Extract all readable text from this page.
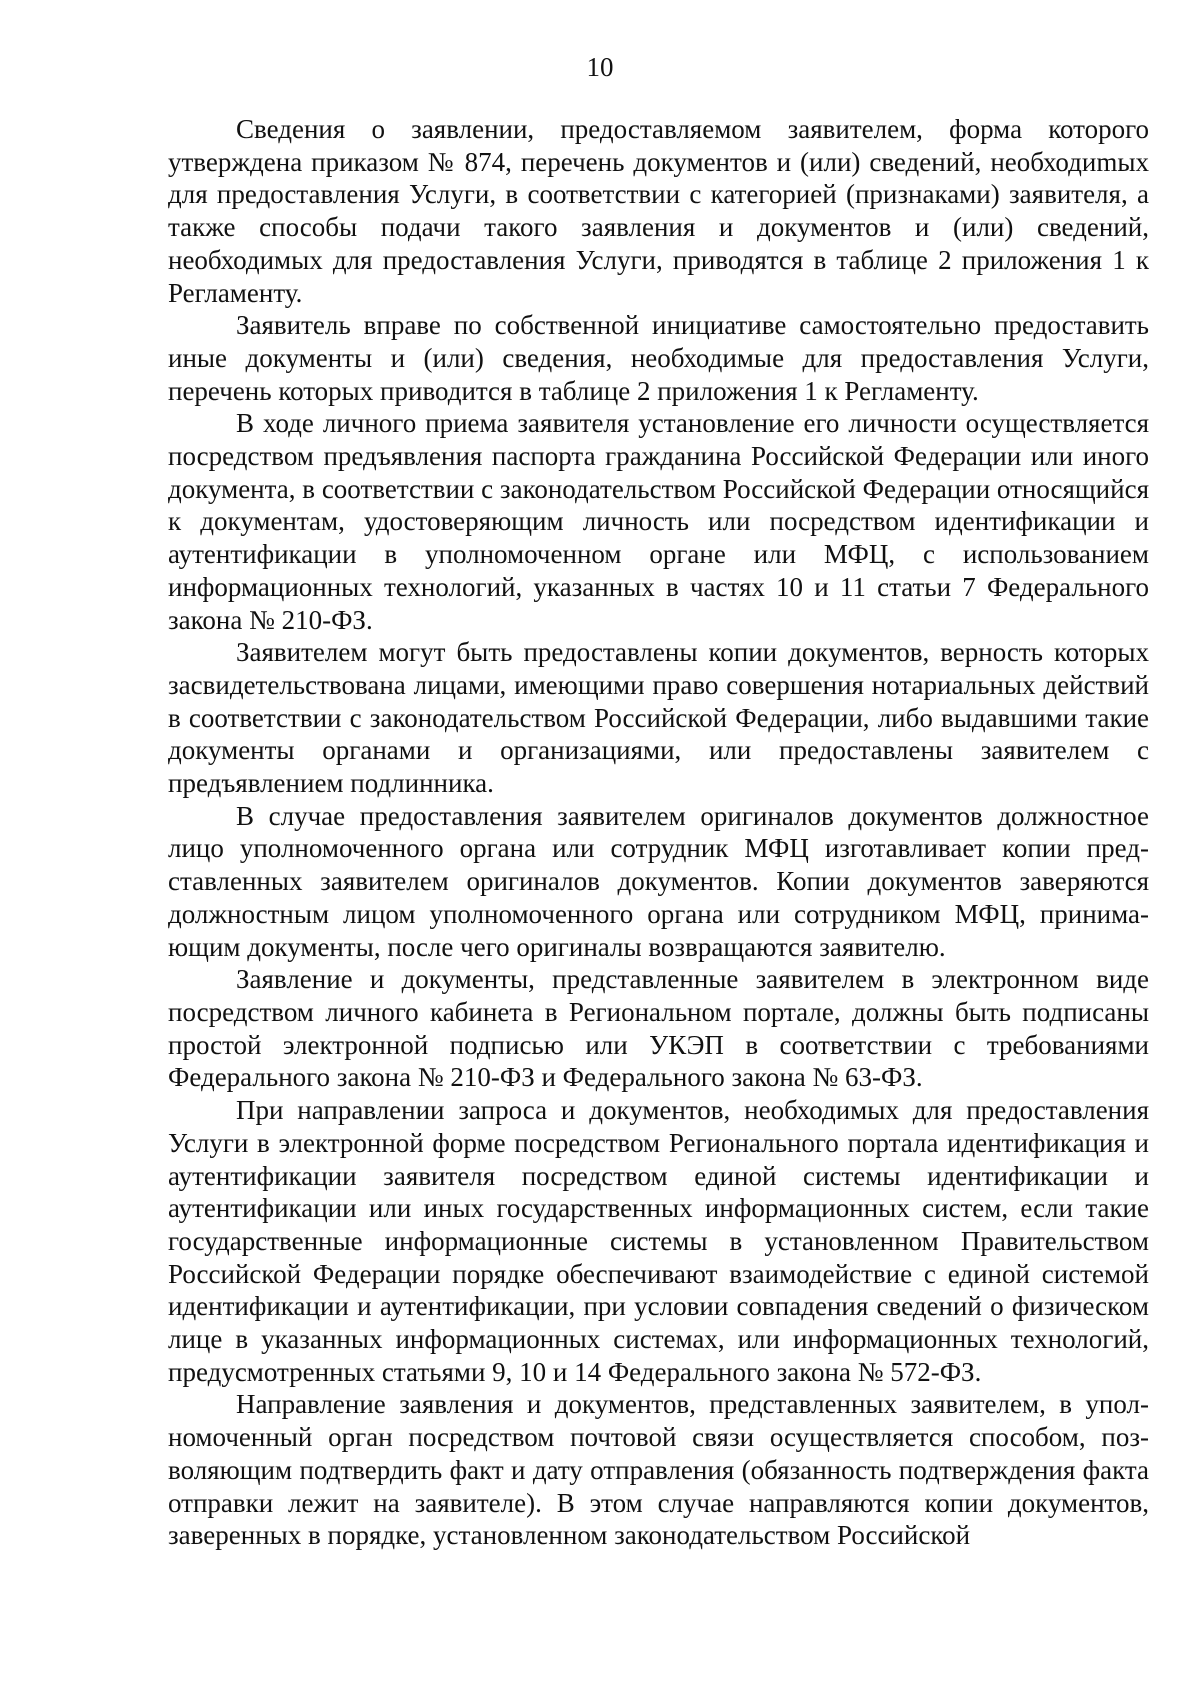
10

Сведения о заявлении, предоставляемом заявителем, форма которого утверждена приказом № 874, перечень документов и (или) сведений, необходиmых для предоставления Услуги, в соответствии с категорией (признаками) заявителя, а также способы подачи такого заявления и документов и (или) сведений, необходимых для предоставления Услуги, приводятся в таблице 2 приложения 1 к Регламенту.

Заявитель вправе по собственной инициативе самостоятельно предоставить иные документы и (или) сведения, необходимые для предоставления Услуги, перечень которых приводится в таблице 2 приложения 1 к Регламенту.

В ходе личного приема заявителя установление его личности осуществляется посредством предъявления паспорта гражданина Российской Федерации или иного документа, в соответствии с законодательством Российской Федерации относящийся к документам, удостоверяющим личность или посредством идентификации и аутентификации в уполномоченном органе или МФЦ, с использованием информационных технологий, указанных в частях 10 и 11 статьи 7 Федерального закона № 210-ФЗ.

Заявителем могут быть предоставлены копии документов, верность которых засвидетельствована лицами, имеющими право совершения нотариальных действий в соответствии с законодательством Российской Федерации, либо выдавшими такие документы органами и организациями, или предоставлены заявителем с предъявлением подлинника.

В случае предоставления заявителем оригиналов документов должностное лицо уполномоченного органа или сотрудник МФЦ изготавливает копии представленных заявителем оригиналов документов. Копии документов заверяются должностным лицом уполномоченного органа или сотрудником МФЦ, принимающим документы, после чего оригиналы возвращаются заявителю.

Заявление и документы, представленные заявителем в электронном виде посредством личного кабинета в Региональном портале, должны быть подписаны простой электронной подписью или УКЭП в соответствии с требованиями Федерального закона № 210-ФЗ и Федерального закона № 63-ФЗ.

При направлении запроса и документов, необходимых для предоставления Услуги в электронной форме посредством Регионального портала идентификация и аутентификации заявителя посредством единой системы идентификации и аутентификации или иных государственных информационных систем, если такие государственные информационные системы в установленном Правительством Российской Федерации порядке обеспечивают взаимодействие с единой системой идентификации и аутентификации, при условии совпадения сведений о физическом лице в указанных информационных системах, или информационных технологий, предусмотренных статьями 9, 10 и 14 Федерального закона № 572-ФЗ.

Направление заявления и документов, представленных заявителем, в уполномоченный орган посредством почтовой связи осуществляется способом, позволяющим подтвердить факт и дату отправления (обязанность подтверждения факта отправки лежит на заявителе). В этом случае направляются копии документов, заверенных в порядке, установленном законодательством Российской
